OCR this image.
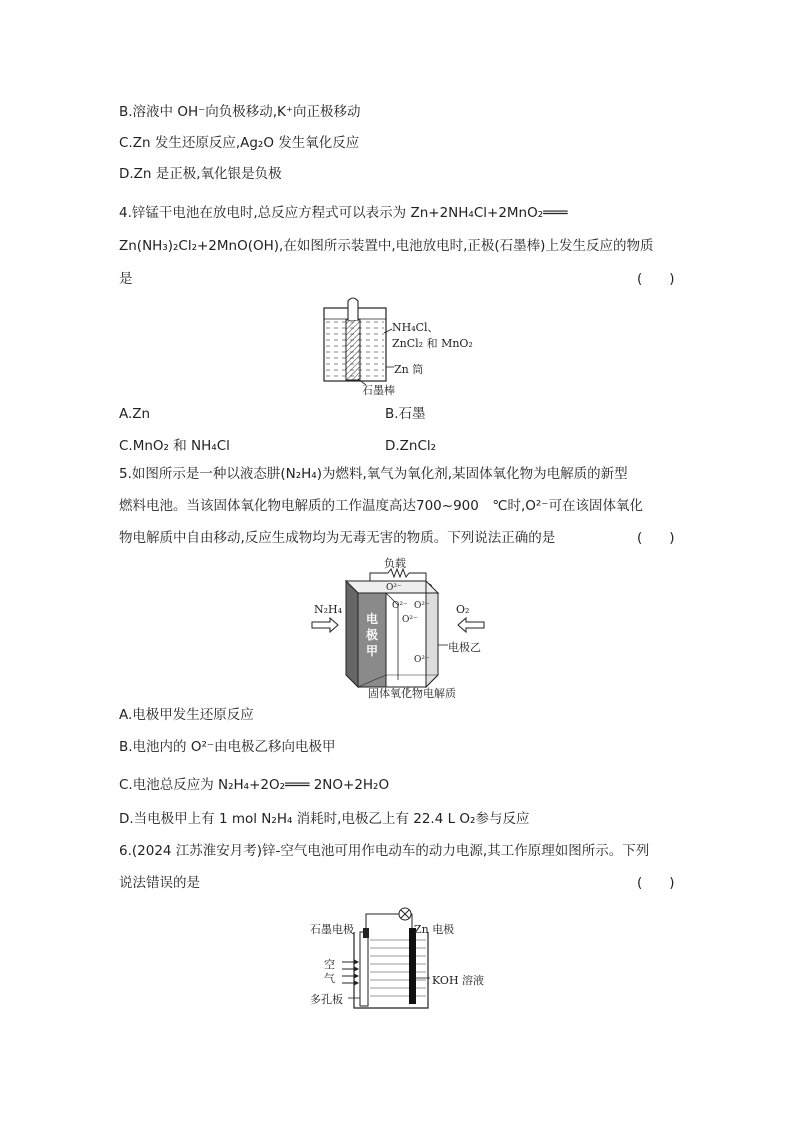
B.溶液中 OH⁻向负极移动,K⁺向正极移动
C.Zn 发生还原反应,Ag₂O 发生氧化反应
D.Zn 是正极,氧化银是负极
4.锌锰干电池在放电时,总反应方程式可以表示为 Zn+2NH₄Cl+2MnO₂═══
Zn(NH₃)₂Cl₂+2MnO(OH),在如图所示装置中,电池放电时,正极(石墨棒)上发生反应的物质
是	(　　)
NH₄Cl、
ZnCl₂ 和 MnO₂
Zn 筒
石墨棒
A.Zn	B.石墨
C.MnO₂ 和 NH₄Cl	D.ZnCl₂
5.如图所示是一种以液态肼(N₂H₄)为燃料,氧气为氧化剂,某固体氧化物为电解质的新型
燃料电池。当该固体氧化物电解质的工作温度高达700~900　℃时,O²⁻可在该固体氧化
物电解质中自由移动,反应生成物均为无毒无害的物质。下列说法正确的是	(　　)
负载
N₂H₄	O₂
电
极
甲
O²⁻
O²⁻ O²⁻
O²⁻
O²⁻
电极乙
固体氧化物电解质
A.电极甲发生还原反应
B.电池内的 O²⁻由电极乙移向电极甲
C.电池总反应为 N₂H₄+2O₂═══ 2NO+2H₂O
D.当电极甲上有 1 mol N₂H₄ 消耗时,电极乙上有 22.4 L O₂参与反应
6.(2024 江苏淮安月考)锌-空气电池可用作电动车的动力电源,其工作原理如图所示。下列
说法错误的是	(　　)
石墨电极	Zn 电极
空
气
多孔板
KOH 溶液
